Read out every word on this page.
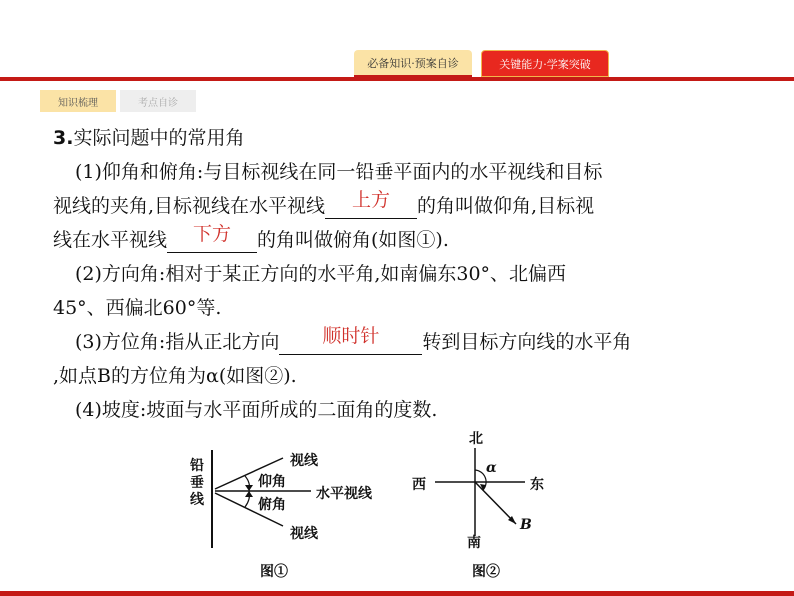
必备知识·预案自诊	关键能力·学案突破
知识梳理	考点自诊
3.实际问题中的常用角
(1)仰角和俯角:与目标视线在同一铅垂平面内的水平视线和目标
视线的夹角,目标视线在水平视线 上方 的角叫做仰角,目标视
线在水平视线 下方 的角叫做俯角(如图①).
(2)方向角:相对于某正方向的水平角,如南偏东30°、北偏西
45°、西偏北60°等.
(3)方位角:指从正北方向 顺时针 转到目标方向线的水平角
,如点B的方位角为α(如图②).
(4)坡度:坡面与水平面所成的二面角的度数.
铅
垂
线
视线
仰角
俯角
水平视线
视线
图①
北
西	东
南
α
B
图②
